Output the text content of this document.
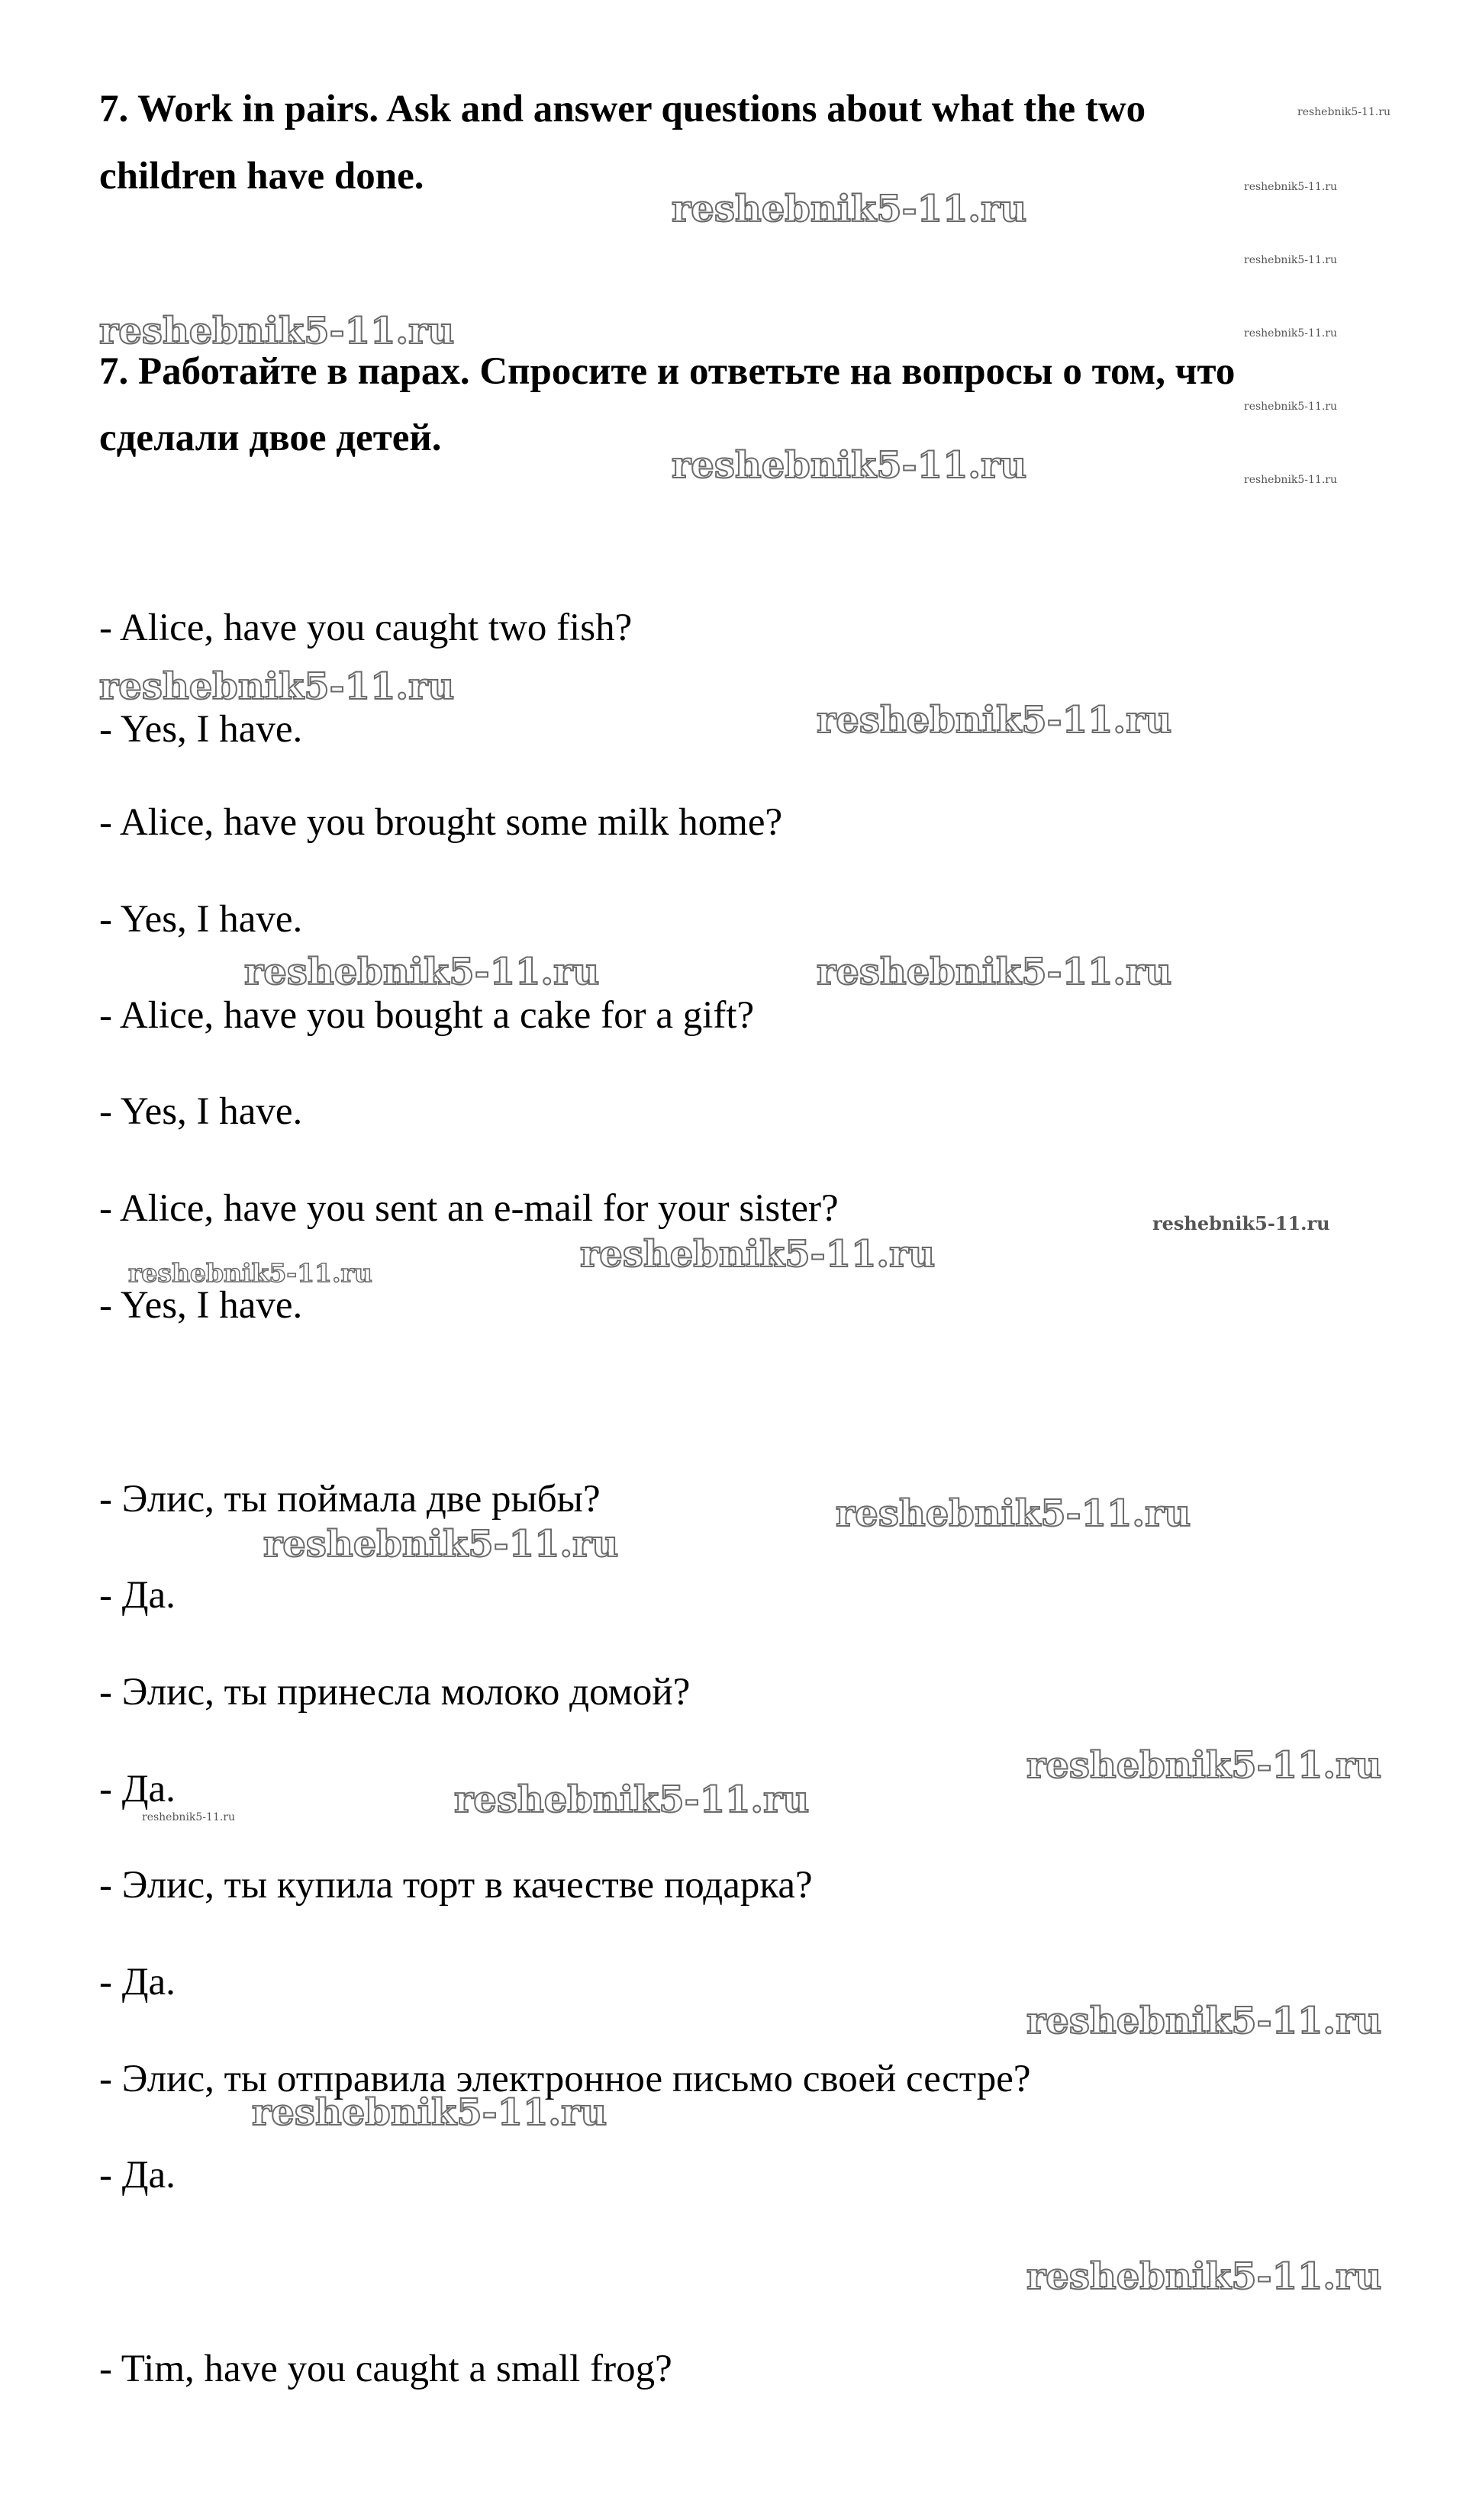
7. Work in pairs. Ask and answer questions about what the two

children have done.

7. Работайте в парах. Спросите и ответьте на вопросы о том, что

сделали двое детей.

- Alice, have you caught two fish?

- Yes, I have.

- Alice, have you brought some milk home?

- Yes, I have.

- Alice, have you bought a cake for a gift?

- Yes, I have.

- Alice, have you sent an e-mail for your sister?

- Yes, I have.

- Элис, ты поймала две рыбы?

- Да.

- Элис, ты принесла молоко домой?

- Да.

- Элис, ты купила торт в качестве подарка?

- Да.

- Элис, ты отправила электронное письмо своей сестре?

- Да.

- Tim, have you caught a small frog?

reshebnik5-11.ru
reshebnik5-11.ru
reshebnik5-11.ru
reshebnik5-11.ru
reshebnik5-11.ru
reshebnik5-11.ru	reshebnik5-11.ru
reshebnik5-11.ru
reshebnik5-11.ru
reshebnik5-11.ru
reshebnik5-11.ru
reshebnik5-11.ru
reshebnik5-11.ru
reshebnik5-11.ru
reshebnik5-11.ru
reshebnik5-11.ru
reshebnik5-11.ru
reshebnik5-11.ru
reshebnik5-11.ru
reshebnik5-11.ru
reshebnik5-11.ru
reshebnik5-11.ru
reshebnik5-11.ru
reshebnik5-11.ru
